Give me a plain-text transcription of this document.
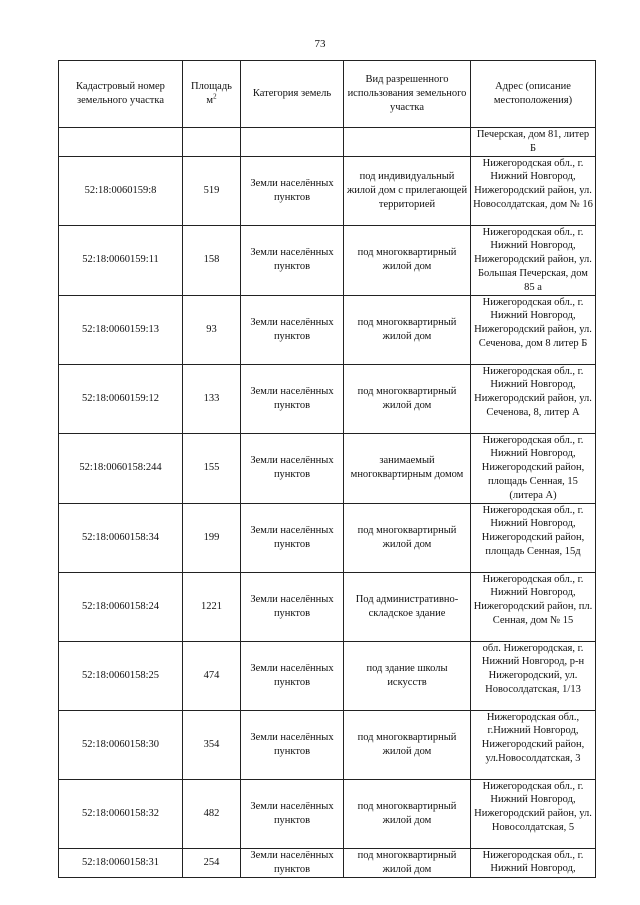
73
Кадастровый номер земельного участка	Площадь $м^2$	Категория земель	Вид разрешенного использования земельного участка	Адрес (описание местоположения)
				Печерская, дом 81, литер Б
52:18:0060159:8	519	Земли населённых пунктов	под индивидуальный жилой дом с прилегающей территорией	Нижегородская обл., г. Нижний Новгород, Нижегородский район, ул. Новосолдатская, дом № 16
52:18:0060159:11	158	Земли населённых пунктов	под многоквартирный жилой дом	Нижегородская обл., г. Нижний Новгород, Нижегородский район, ул. Большая Печерская, дом 85 а
52:18:0060159:13	93	Земли населённых пунктов	под многоквартирный жилой дом	Нижегородская обл., г. Нижний Новгород, Нижегородский район, ул. Сеченова, дом 8 литер Б
52:18:0060159:12	133	Земли населённых пунктов	под многоквартирный жилой дом	Нижегородская обл., г. Нижний Новгород, Нижегородский район, ул. Сеченова, 8, литер А
52:18:0060158:244	155	Земли населённых пунктов	занимаемый многоквартирным домом	Нижегородская обл., г. Нижний Новгород, Нижегородский район, площадь Сенная, 15 (литера А)
52:18:0060158:34	199	Земли населённых пунктов	под многоквартирный жилой дом	Нижегородская обл., г. Нижний Новгород, Нижегородский район, площадь Сенная, 15д
52:18:0060158:24	1221	Земли населённых пунктов	Под административно-складское здание	Нижегородская обл., г. Нижний Новгород, Нижегородский район, пл. Сенная, дом № 15
52:18:0060158:25	474	Земли населённых пунктов	под здание школы искусств	обл. Нижегородская, г. Нижний Новгород, р-н Нижегородский, ул. Новосолдатская, 1/13
52:18:0060158:30	354	Земли населённых пунктов	под многоквартирный жилой дом	Нижегородская обл., г.Нижний Новгород, Нижегородский район, ул.Новосолдатская, 3
52:18:0060158:32	482	Земли населённых пунктов	под многоквартирный жилой дом	Нижегородская обл., г. Нижний Новгород, Нижегородский район, ул. Новосолдатская, 5
52:18:0060158:31	254	Земли населённых пунктов	под многоквартирный жилой дом	Нижегородская обл., г. Нижний Новгород,
